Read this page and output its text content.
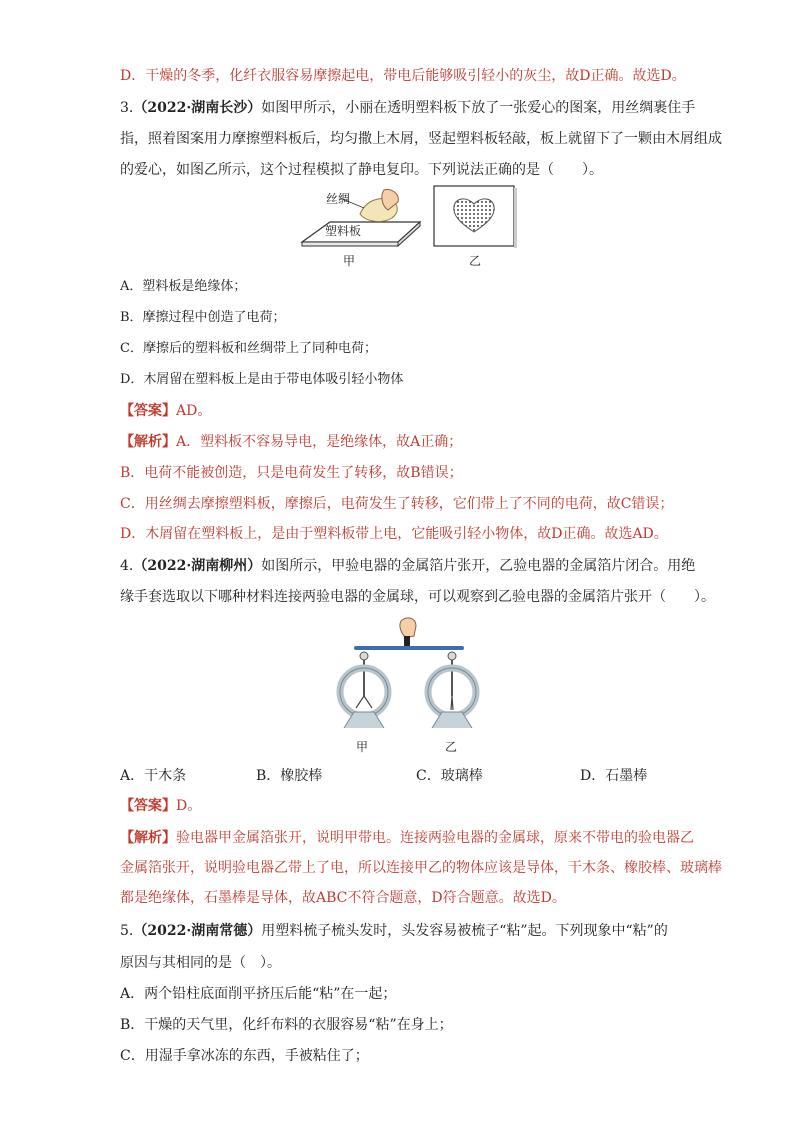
D．干燥的冬季，化纤衣服容易摩擦起电，带电后能够吸引轻小的灰尘，故D正确。故选D。
3.（2022·湖南长沙）如图甲所示，小丽在透明塑料板下放了一张爱心的图案，用丝绸裹住手
指，照着图案用力摩擦塑料板后，均匀撒上木屑，竖起塑料板轻敲，板上就留下了一颗由木屑组成
的爱心，如图乙所示，这个过程模拟了静电复印。下列说法正确的是（　　）。
丝绸
塑料板
甲	乙
A．塑料板是绝缘体；
B．摩擦过程中创造了电荷；
C．摩擦后的塑料板和丝绸带上了同种电荷；
D．木屑留在塑料板上是由于带电体吸引轻小物体
【答案】AD。
【解析】A．塑料板不容易导电，是绝缘体，故A正确；
B．电荷不能被创造，只是电荷发生了转移，故B错误；
C．用丝绸去摩擦塑料板，摩擦后，电荷发生了转移，它们带上了不同的电荷，故C错误；
D．木屑留在塑料板上，是由于塑料板带上电，它能吸引轻小物体，故D正确。故选AD。
4.（2022·湖南柳州）如图所示，甲验电器的金属箔片张开，乙验电器的金属箔片闭合。用绝
缘手套选取以下哪种材料连接两验电器的金属球，可以观察到乙验电器的金属箔片张开（　　）。
甲	乙
A．干木条	B．橡胶棒	C．玻璃棒	D．石墨棒
【答案】D。
【解析】验电器甲金属箔张开，说明甲带电。连接两验电器的金属球，原来不带电的验电器乙
金属箔张开，说明验电器乙带上了电，所以连接甲乙的物体应该是导体，干木条、橡胶棒、玻璃棒
都是绝缘体，石墨棒是导体，故ABC不符合题意，D符合题意。故选D。
5.（2022·湖南常德）用塑料梳子梳头发时，头发容易被梳子“粘”起。下列现象中“粘”的
原因与其相同的是（　）。
A．两个铅柱底面削平挤压后能“粘”在一起；
B．干燥的天气里，化纤布料的衣服容易“粘”在身上；
C．用湿手拿冰冻的东西，手被粘住了；
